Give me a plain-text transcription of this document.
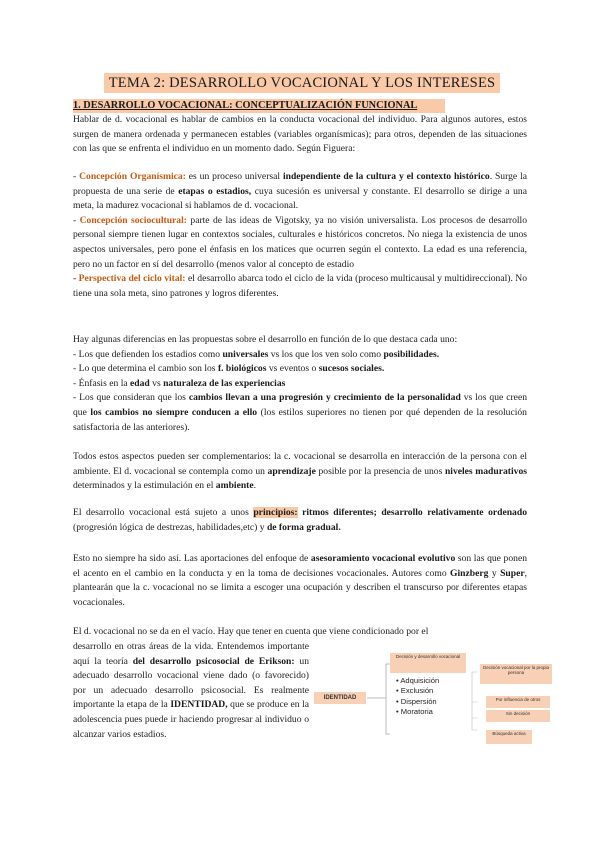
TEMA 2: DESARROLLO VOCACIONAL Y LOS INTERESES
1. DESARROLLO VOCACIONAL: CONCEPTUALIZACIÓN FUNCIONAL

Hablar de d. vocacional es hablar de cambios en la conducta vocacional del individuo. Para algunos autores, estos surgen de manera ordenada y permanecen estables (variables organísmicas); para otros, dependen de las situaciones con las que se enfrenta el individuo en un momento dado. Según Figuera:

- Concepción Organísmica: es un proceso universal independiente de la cultura y el contexto histórico. Surge la propuesta de una serie de etapas o estadios, cuya sucesión es universal y constante. El desarrollo se dirige a una meta, la madurez vocacional si hablamos de d. vocacional.
- Concepción sociocultural: parte de las ideas de Vigotsky, ya no visión universalista. Los procesos de desarrollo personal siempre tienen lugar en contextos sociales, culturales e históricos concretos. No niega la existencia de unos aspectos universales, pero pone el énfasis en los matices que ocurren según el contexto. La edad es una referencia, pero no un factor en sí del desarrollo (menos valor al concepto de estadio
- Perspectiva del ciclo vital: el desarrollo abarca todo el ciclo de la vida (proceso multicausal y multidireccional). No tiene una sola meta, sino patrones y logros diferentes.

Hay algunas diferencias en las propuestas sobre el desarrollo en función de lo que destaca cada uno:
- Los que defienden los estadios como universales vs los que los ven solo como posibilidades.
- Lo que determina el cambio son los f. biológicos vs eventos o sucesos sociales.
- Énfasis en la edad vs naturaleza de las experiencias
- Los que consideran que los cambios llevan a una progresión y crecimiento de la personalidad vs los que creen que los cambios no siempre conducen a ello (los estilos superiores no tienen por qué dependen de la resolución satisfactoria de las anteriores).

Todos estos aspectos pueden ser complementarios: la c. vocacional se desarrolla en interacción de la persona con el ambiente. El d. vocacional se contempla como un aprendizaje posible por la presencia de unos niveles madurativos determinados y la estimulación en el ambiente.

El desarrollo vocacional está sujeto a unos principios: ritmos diferentes; desarrollo relativamente ordenado (progresión lógica de destrezas, habilidades,etc) y de forma gradual.

Esto no siempre ha sido así. Las aportaciones del enfoque de asesoramiento vocacional evolutivo son las que ponen el acento en el cambio en la conducta y en la toma de decisiones vocacionales. Autores como Ginzberg y Super, plantearán que la c. vocacional no se limita a escoger una ocupación y describen el transcurso por diferentes etapas vocacionales.

El d. vocacional no se da en el vacío. Hay que tener en cuenta que viene condicionado por el

desarrollo en otras áreas de la vida. Entendemos importante aquí la teoría del desarrollo psicosocial de Erikson: un adecuado desarrollo vocacional viene dado (o favorecido) por un adecuado desarrollo psicosocial. Es realmente importante la etapa de la IDENTIDAD, que se produce en la adolescencia pues puede ir haciendo progresar al individuo o alcanzar varios estadios.

IDENTIDAD
Decisión y desarrollo vocacional
• Adquisición
• Exclusión
• Dispersión
• Moratoria
Decisión vocacional por la propia persona
Por influencia de otros
Sin decisión
Búsqueda activa
